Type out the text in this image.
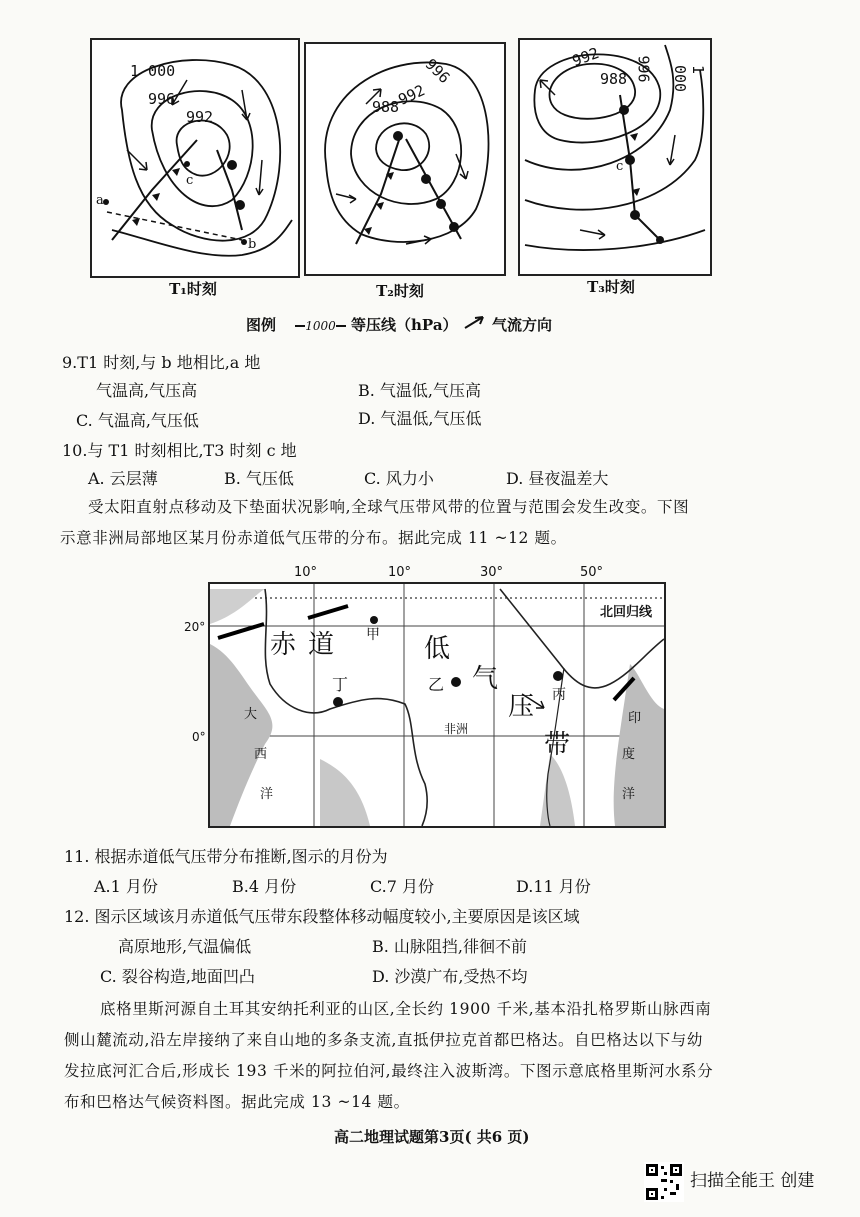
1 000
996
992
a
b
c
T₁时刻
996
992
988
T₂时刻
992
988 996	1 000
c
T₃时刻
图例 1000 等压线（hPa） 气流方向
9.T1 时刻,与 b 地相比,a 地
气温高,气压高	B. 气温低,气压高
C. 气温高,气压低	D. 气温低,气压低
10.与 T1 时刻相比,T3 时刻 c 地
A. 云层薄	B. 气压低	C. 风力小	D. 昼夜温差大
受太阳直射点移动及下垫面状况影响,全球气压带风带的位置与范围会发生改变。下图
示意非洲局部地区某月份赤道低气压带的分布。据此完成 11 ~12 题。
北回归线
赤 道	低
气
压
带
甲
乙
丙
丁
非洲
大
西
洋
印
度
洋
10°	10°	30°	50°
20°
0°
11. 根据赤道低气压带分布推断,图示的月份为
A.1 月份	B.4 月份	C.7 月份	D.11 月份
12. 图示区域该月赤道低气压带东段整体移动幅度较小,主要原因是该区域
高原地形,气温偏低	B. 山脉阻挡,徘徊不前
C. 裂谷构造,地面凹凸	D. 沙漠广布,受热不均
底格里斯河源自土耳其安纳托利亚的山区,全长约 1900 千米,基本沿扎格罗斯山脉西南
侧山麓流动,沿左岸接纳了来自山地的多条支流,直抵伊拉克首都巴格达。自巴格达以下与幼
发拉底河汇合后,形成长 193 千米的阿拉伯河,最终注入波斯湾。下图示意底格里斯河水系分
布和巴格达气候资料图。据此完成 13 ~14 题。
高二地理试题第3页( 共6 页)
扫描全能王 创建
